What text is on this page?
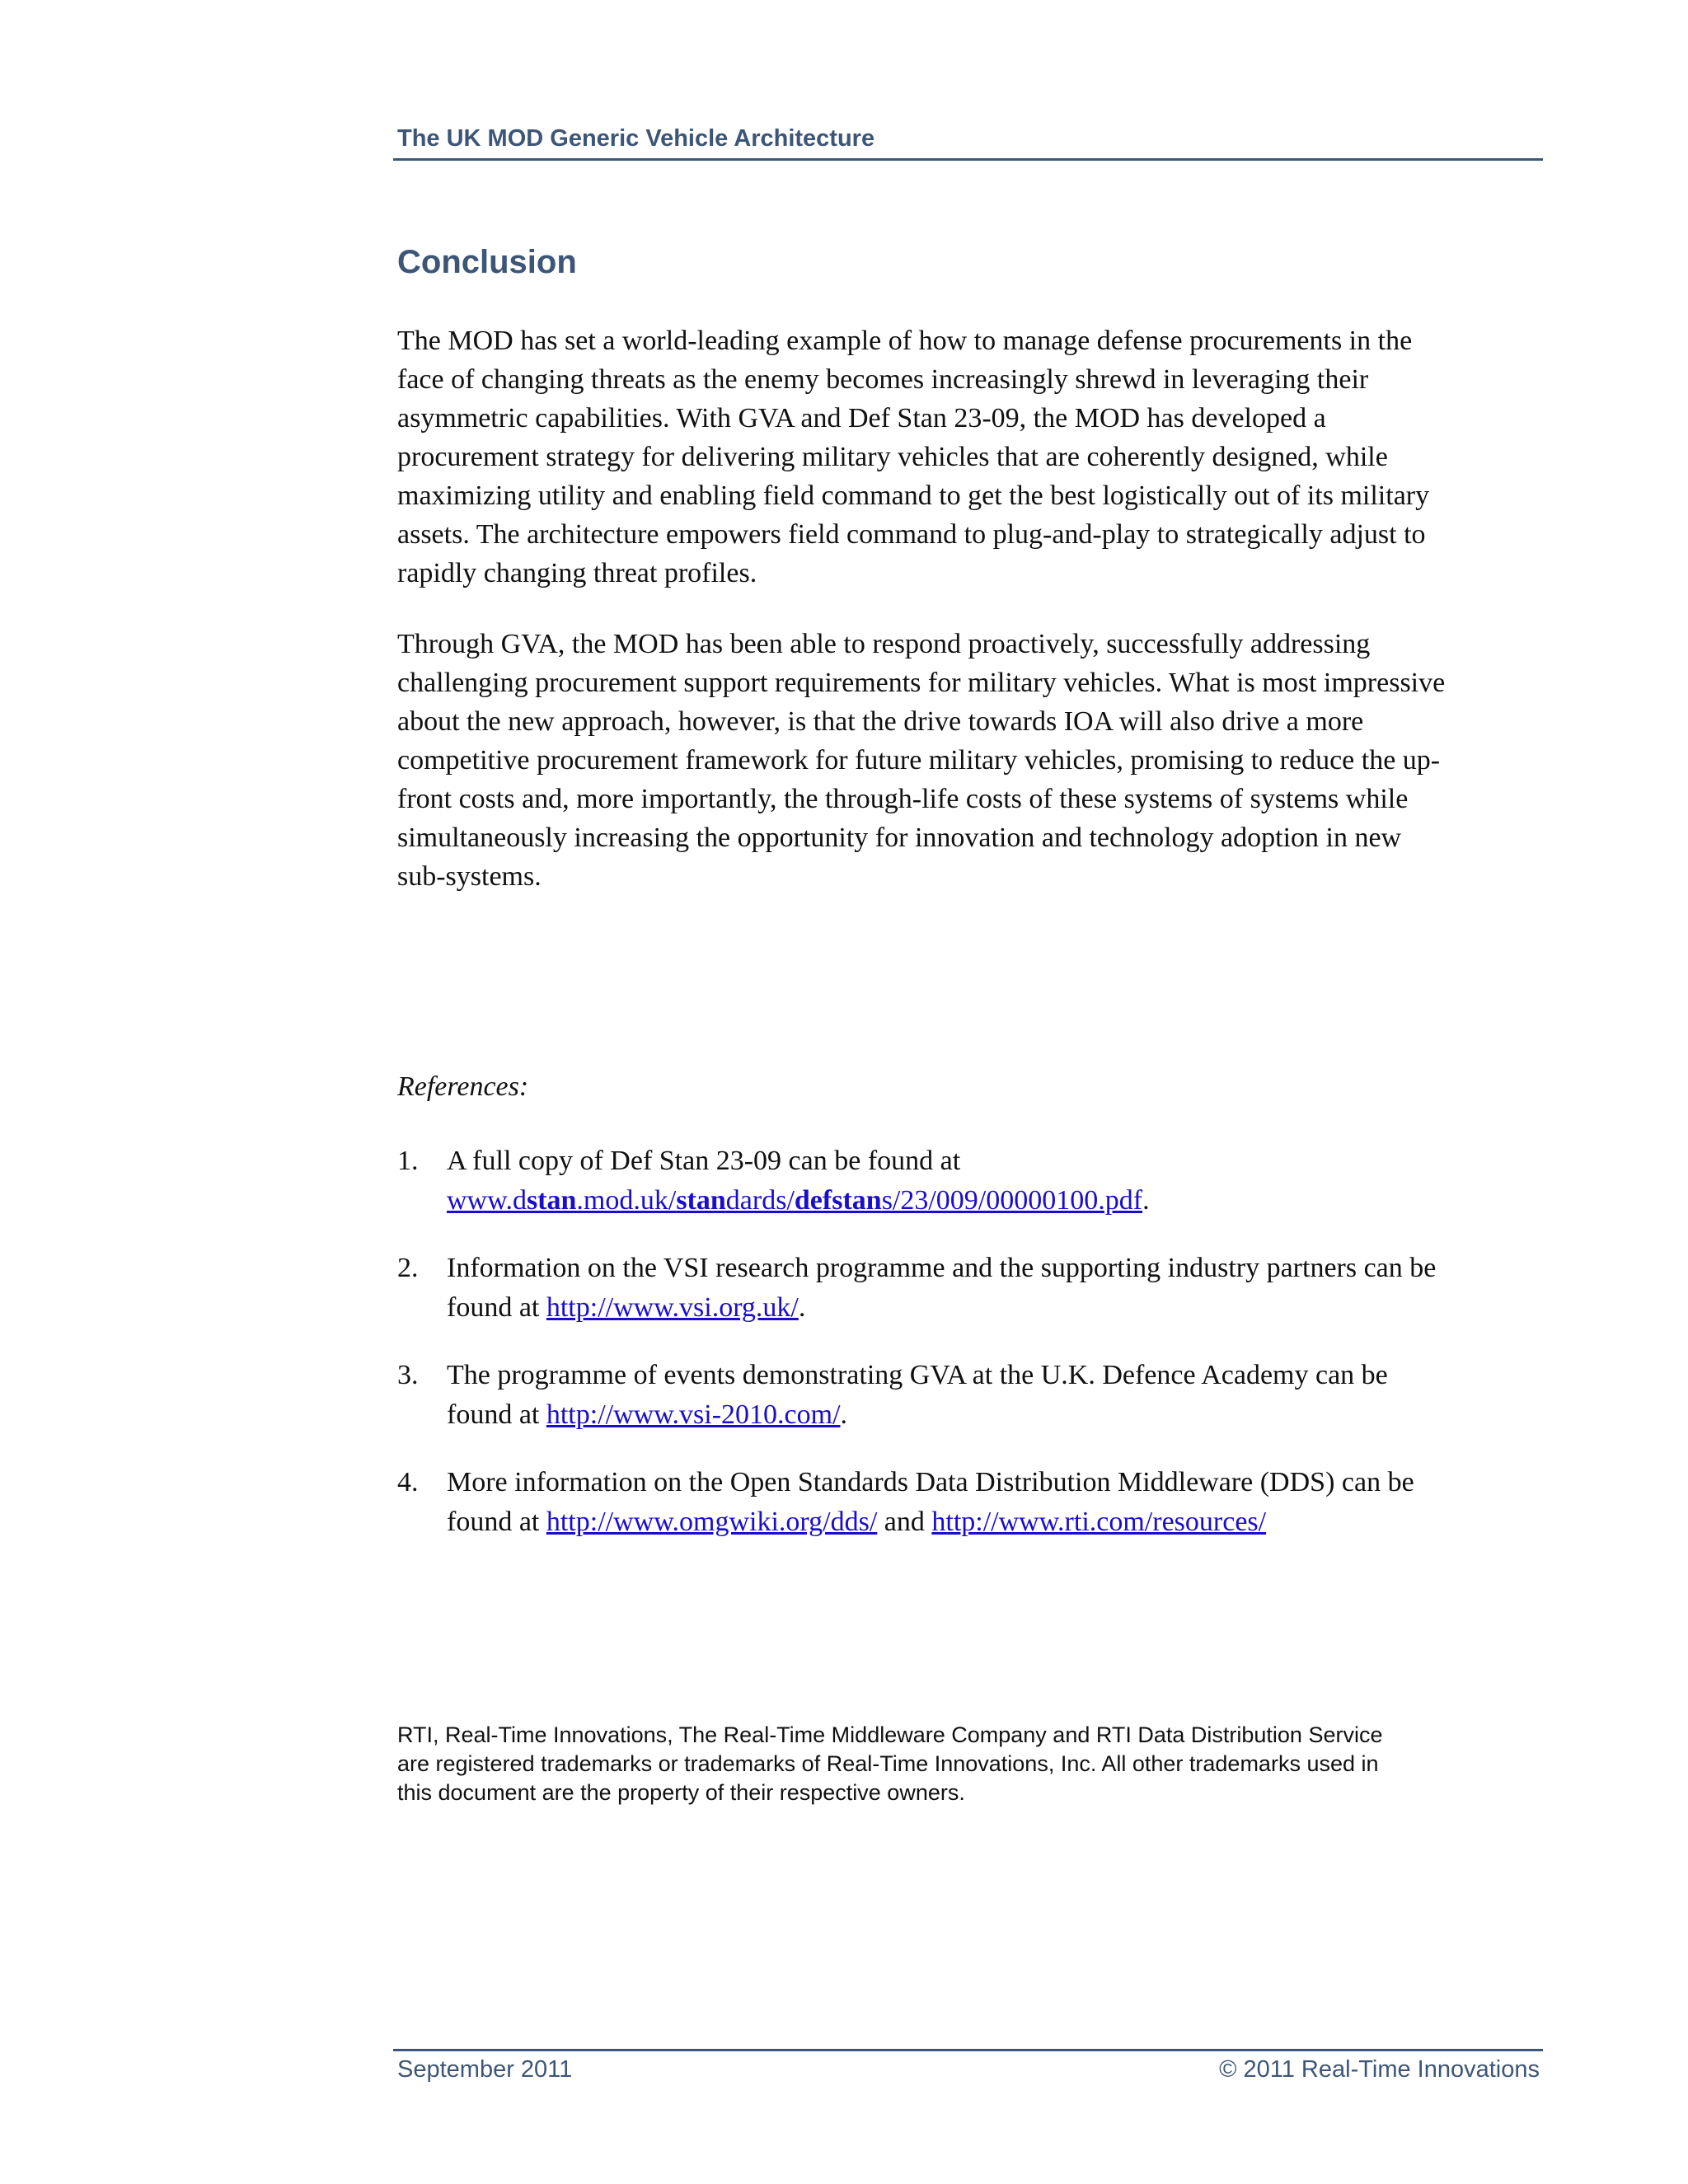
The UK MOD Generic Vehicle Architecture
Conclusion

The MOD has set a world-leading example of how to manage defense procurements in the
face of changing threats as the enemy becomes increasingly shrewd in leveraging their
asymmetric capabilities. With GVA and Def Stan 23-09, the MOD has developed a
procurement strategy for delivering military vehicles that are coherently designed, while
maximizing utility and enabling field command to get the best logistically out of its military
assets. The architecture empowers field command to plug-and-play to strategically adjust to
rapidly changing threat profiles.

Through GVA, the MOD has been able to respond proactively, successfully addressing
challenging procurement support requirements for military vehicles. What is most impressive
about the new approach, however, is that the drive towards IOA will also drive a more
competitive procurement framework for future military vehicles, promising to reduce the up-
front costs and, more importantly, the through-life costs of these systems of systems while
simultaneously increasing the opportunity for innovation and technology adoption in new
sub-systems.

References:
1. A full copy of Def Stan 23-09 can be found at
www.dstan.mod.uk/standards/defstans/23/009/00000100.pdf.
2. Information on the VSI research programme and the supporting industry partners can be
found at http://www.vsi.org.uk/.
3. The programme of events demonstrating GVA at the U.K. Defence Academy can be
found at http://www.vsi-2010.com/.
4. More information on the Open Standards Data Distribution Middleware (DDS) can be
found at http://www.omgwiki.org/dds/ and http://www.rti.com/resources/

RTI, Real-Time Innovations, The Real-Time Middleware Company and RTI Data Distribution Service
are registered trademarks or trademarks of Real-Time Innovations, Inc. All other trademarks used in
this document are the property of their respective owners.

September 2011	© 2011 Real-Time Innovations
